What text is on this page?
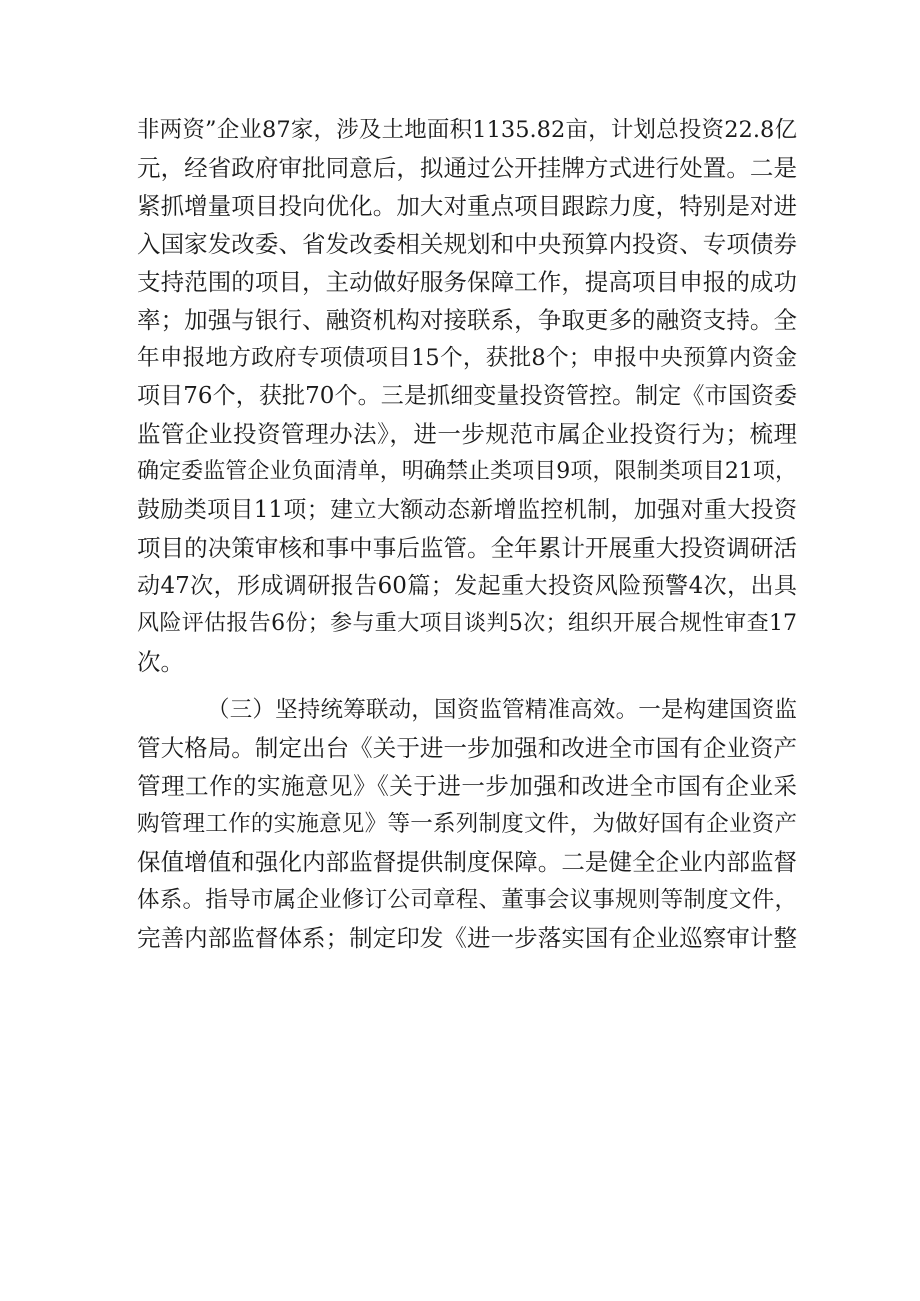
非两资”企业87家，涉及土地面积1135.82亩，计划总投资22.8亿
元，经省政府审批同意后，拟通过公开挂牌方式进行处置。二是
紧抓增量项目投向优化。加大对重点项目跟踪力度，特别是对进
入国家发改委、省发改委相关规划和中央预算内投资、专项债券
支持范围的项目，主动做好服务保障工作，提高项目申报的成功
率；加强与银行、融资机构对接联系，争取更多的融资支持。全
年申报地方政府专项债项目15个，获批8个；申报中央预算内资金
项目76个，获批70个。三是抓细变量投资管控。制定《市国资委
监管企业投资管理办法》，进一步规范市属企业投资行为；梳理
确定委监管企业负面清单，明确禁止类项目9项，限制类项目21项，
鼓励类项目11项；建立大额动态新增监控机制，加强对重大投资
项目的决策审核和事中事后监管。全年累计开展重大投资调研活
动47次，形成调研报告60篇；发起重大投资风险预警4次，出具
风险评估报告6份；参与重大项目谈判5次；组织开展合规性审查17
次。
（三）坚持统筹联动，国资监管精准高效。一是构建国资监
管大格局。制定出台《关于进一步加强和改进全市国有企业资产
管理工作的实施意见》《关于进一步加强和改进全市国有企业采
购管理工作的实施意见》等一系列制度文件，为做好国有企业资产
保值增值和强化内部监督提供制度保障。二是健全企业内部监督
体系。指导市属企业修订公司章程、董事会议事规则等制度文件，
完善内部监督体系；制定印发《进一步落实国有企业巡察审计整
